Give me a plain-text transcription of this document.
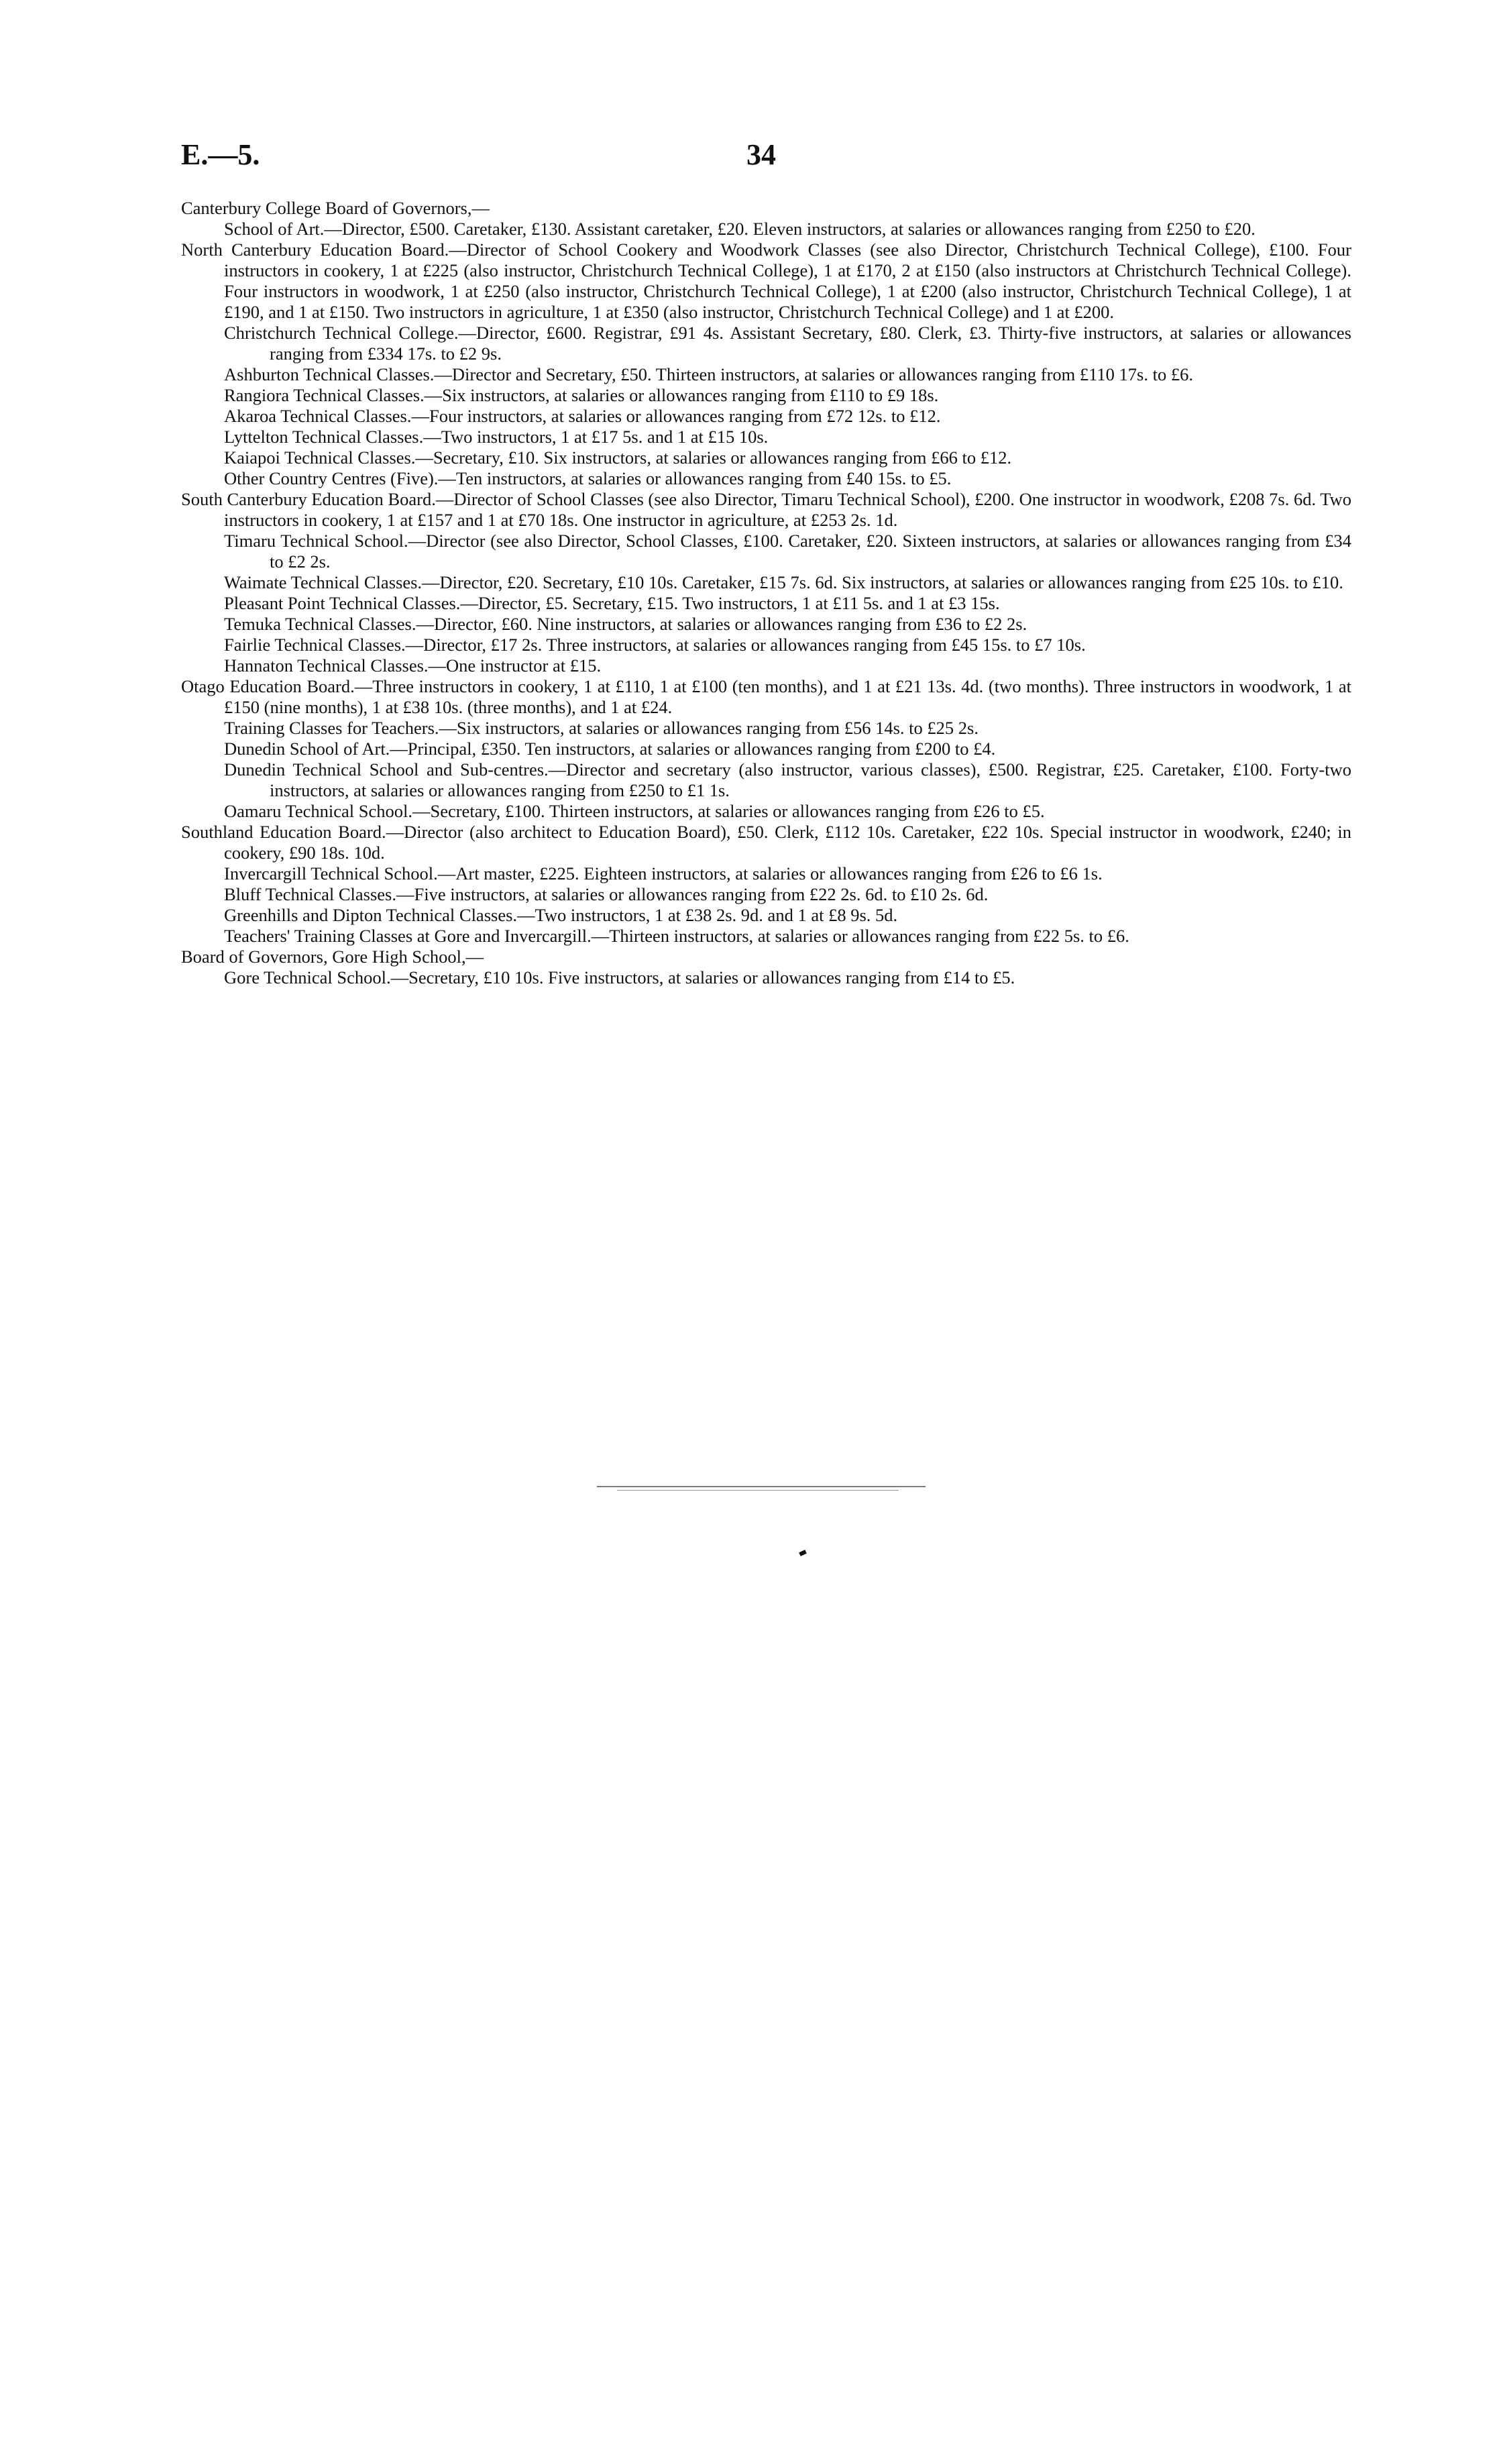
E.—5.	34

Canterbury College Board of Governors,—

School of Art.—Director, £500. Caretaker, £130. Assistant caretaker, £20. Eleven instructors, at salaries or allowances ranging from £250 to £20.

North Canterbury Education Board.—Director of School Cookery and Woodwork Classes (see also Director, Christchurch Technical College), £100. Four instructors in cookery, 1 at £225 (also instructor, Christchurch Technical College), 1 at £170, 2 at £150 (also instructors at Christchurch Technical College). Four instructors in woodwork, 1 at £250 (also instructor, Christchurch Technical College), 1 at £200 (also instructor, Christchurch Technical College), 1 at £190, and 1 at £150. Two instructors in agriculture, 1 at £350 (also instructor, Christchurch Technical College) and 1 at £200.

Christchurch Technical College.—Director, £600. Registrar, £91 4s. Assistant Secretary, £80. Clerk, £3. Thirty-five instructors, at salaries or allowances ranging from £334 17s. to £2 9s.

Ashburton Technical Classes.—Director and Secretary, £50. Thirteen instructors, at salaries or allowances ranging from £110 17s. to £6.

Rangiora Technical Classes.—Six instructors, at salaries or allowances ranging from £110 to £9 18s.

Akaroa Technical Classes.—Four instructors, at salaries or allowances ranging from £72 12s. to £12.

Lyttelton Technical Classes.—Two instructors, 1 at £17 5s. and 1 at £15 10s.

Kaiapoi Technical Classes.—Secretary, £10. Six instructors, at salaries or allowances ranging from £66 to £12.

Other Country Centres (Five).—Ten instructors, at salaries or allowances ranging from £40 15s. to £5.

South Canterbury Education Board.—Director of School Classes (see also Director, Timaru Technical School), £200. One instructor in woodwork, £208 7s. 6d. Two instructors in cookery, 1 at £157 and 1 at £70 18s. One instructor in agriculture, at £253 2s. 1d.

Timaru Technical School.—Director (see also Director, School Classes, £100. Caretaker, £20. Sixteen instructors, at salaries or allowances ranging from £34 to £2 2s.

Waimate Technical Classes.—Director, £20. Secretary, £10 10s. Caretaker, £15 7s. 6d. Six instructors, at salaries or allowances ranging from £25 10s. to £10.

Pleasant Point Technical Classes.—Director, £5. Secretary, £15. Two instructors, 1 at £11 5s. and 1 at £3 15s.

Temuka Technical Classes.—Director, £60. Nine instructors, at salaries or allowances ranging from £36 to £2 2s.

Fairlie Technical Classes.—Director, £17 2s. Three instructors, at salaries or allowances ranging from £45 15s. to £7 10s.

Hannaton Technical Classes.—One instructor at £15.

Otago Education Board.—Three instructors in cookery, 1 at £110, 1 at £100 (ten months), and 1 at £21 13s. 4d. (two months). Three instructors in woodwork, 1 at £150 (nine months), 1 at £38 10s. (three months), and 1 at £24.

Training Classes for Teachers.—Six instructors, at salaries or allowances ranging from £56 14s. to £25 2s.

Dunedin School of Art.—Principal, £350. Ten instructors, at salaries or allowances ranging from £200 to £4.

Dunedin Technical School and Sub-centres.—Director and secretary (also instructor, various classes), £500. Registrar, £25. Caretaker, £100. Forty-two instructors, at salaries or allowances ranging from £250 to £1 1s.

Oamaru Technical School.—Secretary, £100. Thirteen instructors, at salaries or allowances ranging from £26 to £5.

Southland Education Board.—Director (also architect to Education Board), £50. Clerk, £112 10s. Caretaker, £22 10s. Special instructor in woodwork, £240; in cookery, £90 18s. 10d.

Invercargill Technical School.—Art master, £225. Eighteen instructors, at salaries or allowances ranging from £26 to £6 1s.

Bluff Technical Classes.—Five instructors, at salaries or allowances ranging from £22 2s. 6d. to £10 2s. 6d.

Greenhills and Dipton Technical Classes.—Two instructors, 1 at £38 2s. 9d. and 1 at £8 9s. 5d.

Teachers' Training Classes at Gore and Invercargill.—Thirteen instructors, at salaries or allowances ranging from £22 5s. to £6.

Board of Governors, Gore High School,—

Gore Technical School.—Secretary, £10 10s. Five instructors, at salaries or allowances ranging from £14 to £5.
